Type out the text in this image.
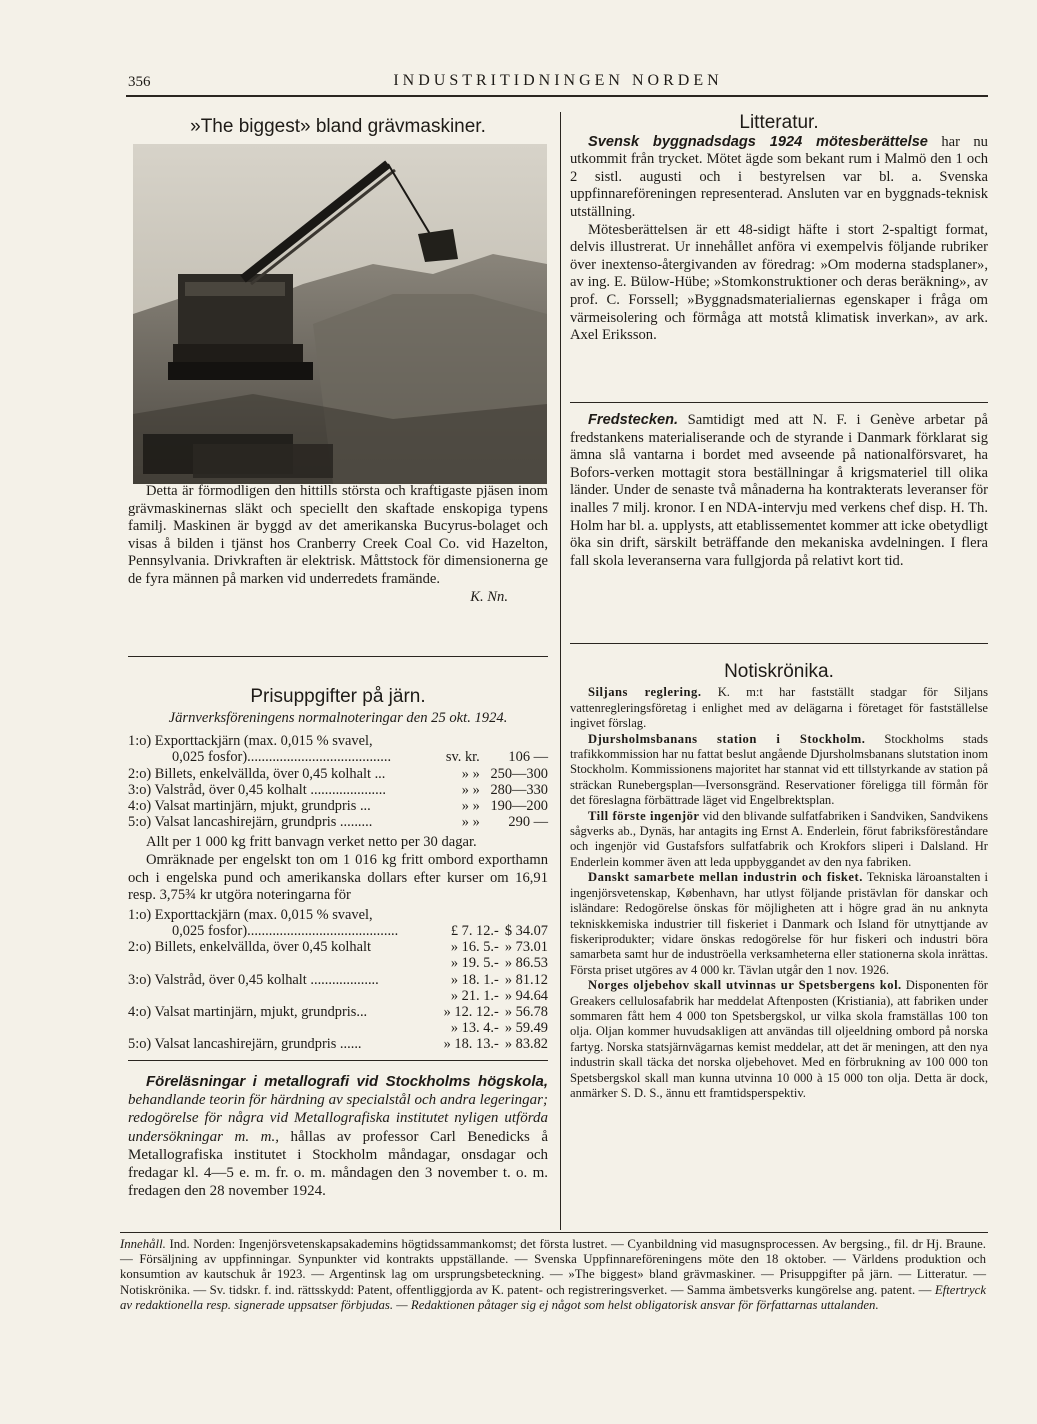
356	INDUSTRITIDNINGEN NORDEN
»The biggest» bland grävmaskiner.

Detta är förmodligen den hittills största och kraftigaste pjäsen inom grävmaskinernas släkt och speciellt den skaftade enskopiga typens familj. Maskinen är byggd av det amerikanska Bucyrus-bolaget och visas å bilden i tjänst hos Cranberry Creek Coal Co. vid Hazelton, Pennsylvania. Drivkraften är elektrisk. Måttstock för dimensionerna ge de fyra männen på marken vid underredets framände.

K. Nn.

Prisuppgifter på järn.

Järnverksföreningens normalnoteringar den 25 okt. 1924.

1:o) Exporttackjärn (max. 0,015 % svavel,		
0,025 fosfor)........................................	sv. kr.	106 —
2:o) Billets, enkelvällda, över 0,45 kolhalt ...	» »	250—300
3:o) Valstråd, över 0,45 kolhalt .....................	» »	280—330
4:o) Valsat martinjärn, mjukt, grundpris ...	» »	190—200
5:o) Valsat lancashirejärn, grundpris .........	» »	290 —

Allt per 1 000 kg fritt banvagn verket netto per 30 dagar.

Omräknade per engelskt ton om 1 016 kg fritt ombord exporthamn och i engelska pund och amerikanska dollars efter kurser om 16,91 resp. 3,75¾ kr utgöra noteringarna för

1:o) Exporttackjärn (max. 0,015 % svavel,		
0,025 fosfor)..........................................	£ 7. 12.-	$ 34.07
2:o) Billets, enkelvällda, över 0,45 kolhalt	» 16. 5.-	» 73.01
	» 19. 5.-	» 86.53
3:o) Valstråd, över 0,45 kolhalt ...................	» 18. 1.-	» 81.12
	» 21. 1.-	» 94.64
4:o) Valsat martinjärn, mjukt, grundpris...	» 12. 12.-	» 56.78
	» 13. 4.-	» 59.49
5:o) Valsat lancashirejärn, grundpris ......	» 18. 13.-	» 83.82

Föreläsningar i metallografi vid Stockholms högskola, behandlande teorin för härdning av specialstål och andra legeringar; redogörelse för några vid Metallografiska institutet nyligen utförda undersökningar m. m., hållas av professor Carl Benedicks å Metallografiska institutet i Stockholm måndagar, onsdagar och fredagar kl. 4—5 e. m. fr. o. m. måndagen den 3 november t. o. m. fredagen den 28 november 1924.

Litteratur.

Svensk byggnadsdags 1924 mötesberättelse har nu utkommit från trycket. Mötet ägde som bekant rum i Malmö den 1 och 2 sistl. augusti och i bestyrelsen var bl. a. Svenska uppfinnareföreningen representerad. Ansluten var en byggnads-teknisk utställning.

Mötesberättelsen är ett 48-sidigt häfte i stort 2-spaltigt format, delvis illustrerat. Ur innehållet anföra vi exempelvis följande rubriker över inextenso-återgivanden av föredrag: »Om moderna stadsplaner», av ing. E. Bülow-Hübe; »Stomkonstruktioner och deras beräkning», av prof. C. Forssell; »Byggnadsmaterialiernas egenskaper i fråga om värmeisolering och förmåga att motstå klimatisk inverkan», av ark. Axel Eriksson.

Fredstecken. Samtidigt med att N. F. i Genève arbetar på fredstankens materialiserande och de styrande i Danmark förklarat sig ämna slå vantarna i bordet med avseende på nationalförsvaret, ha Bofors-verken mottagit stora beställningar å krigsmateriel till olika länder. Under de senaste två månaderna ha kontrakterats leveranser för inalles 7 milj. kronor. I en NDA-intervju med verkens chef disp. H. Th. Holm har bl. a. upplysts, att etablissementet kommer att icke obetydligt öka sin drift, särskilt beträffande den mekaniska avdelningen. I flera fall skola leveranserna vara fullgjorda på relativt kort tid.

Notiskrönika.

Siljans reglering. K. m:t har fastställt stadgar för Siljans vattenregleringsföretag i enlighet med av delägarna i företaget för fastställelse ingivet förslag.

Djursholmsbanans station i Stockholm. Stockholms stads trafikkommission har nu fattat beslut angående Djursholmsbanans slutstation inom Stockholm. Kommissionens majoritet har stannat vid ett tillstyrkande av station på sträckan Runebergsplan—Iversonsgränd. Reservationer föreligga till förmån för det föreslagna förbättrade läget vid Engelbrektsplan.

Till förste ingenjör vid den blivande sulfatfabriken i Sandviken, Sandvikens sågverks ab., Dynäs, har antagits ing Ernst A. Enderlein, förut fabriksföreståndare och ingenjör vid Gustafsfors sulfatfabrik och Krokfors sliperi i Dalsland. Hr Enderlein kommer även att leda uppbyggandet av den nya fabriken.

Danskt samarbete mellan industrin och fisket. Tekniska läroanstalten i ingenjörsvetenskap, København, har utlyst följande pristävlan för danskar och isländare: Redogörelse önskas för möjligheten att i högre grad än nu anknyta tekniskkemiska industrier till fiskeriet i Danmark och Island för utnyttjande av fiskeriprodukter; vidare önskas redogörelse för hur fiskeri och industri böra samarbeta samt hur de induströella verksamheterna eller stationerna skola inrättas. Första priset utgöres av 4 000 kr. Tävlan utgår den 1 nov. 1926.

Norges oljebehov skall utvinnas ur Spetsbergens kol. Disponenten för Greakers cellulosafabrik har meddelat Aftenposten (Kristiania), att fabriken under sommaren fått hem 4 000 ton Spetsbergskol, ur vilka skola framställas 100 ton olja. Oljan kommer huvudsakligen att användas till oljeeldning ombord på norska fartyg. Norska statsjärnvägarnas kemist meddelar, att det är meningen, att den nya industrin skall täcka det norska oljebehovet. Med en förbrukning av 100 000 ton Spetsbergskol skall man kunna utvinna 10 000 à 15 000 ton olja. Detta är dock, anmärker S. D. S., ännu ett framtidsperspektiv.

Innehåll. Ind. Norden: Ingenjörsvetenskapsakademins högtidssammankomst; det första lustret. — Cyanbildning vid masugnsprocessen. Av bergsing., fil. dr Hj. Braune. — Försäljning av uppfinningar. Synpunkter vid kontrakts uppställande. — Svenska Uppfinnareföreningens möte den 18 oktober. — Världens produktion och konsumtion av kautschuk år 1923. — Argentinsk lag om ursprungsbeteckning. — »The biggest» bland grävmaskiner. — Prisuppgifter på järn. — Litteratur. — Notiskrönika. — Sv. tidskr. f. ind. rättsskydd: Patent, offentliggjorda av K. patent- och registreringsverket. — Samma ämbetsverks kungörelse ang. patent. — Eftertryck av redaktionella resp. signerade uppsatser förbjudas. — Redaktionen påtager sig ej något som helst obligatorisk ansvar för författarnas uttalanden.
